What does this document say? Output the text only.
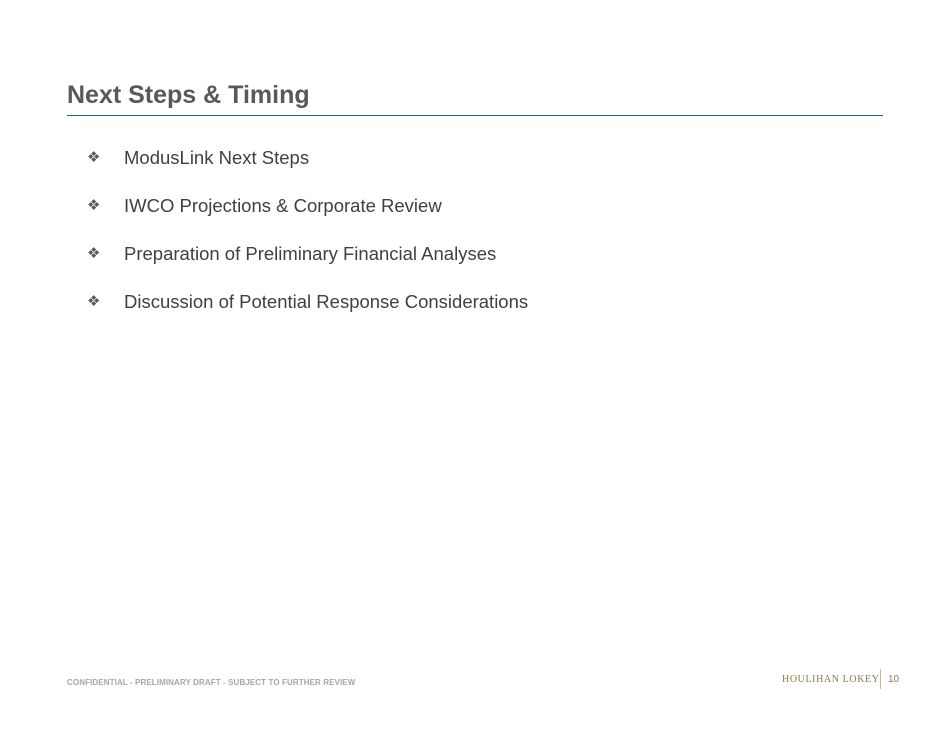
Next Steps & Timing
❖	ModusLink Next Steps
❖	IWCO Projections & Corporate Review
❖	Preparation of Preliminary Financial Analyses
❖	Discussion of Potential Response Considerations
CONFIDENTIAL - PRELIMINARY DRAFT - SUBJECT TO FURTHER REVIEW	HOULIHAN LOKEY 10
